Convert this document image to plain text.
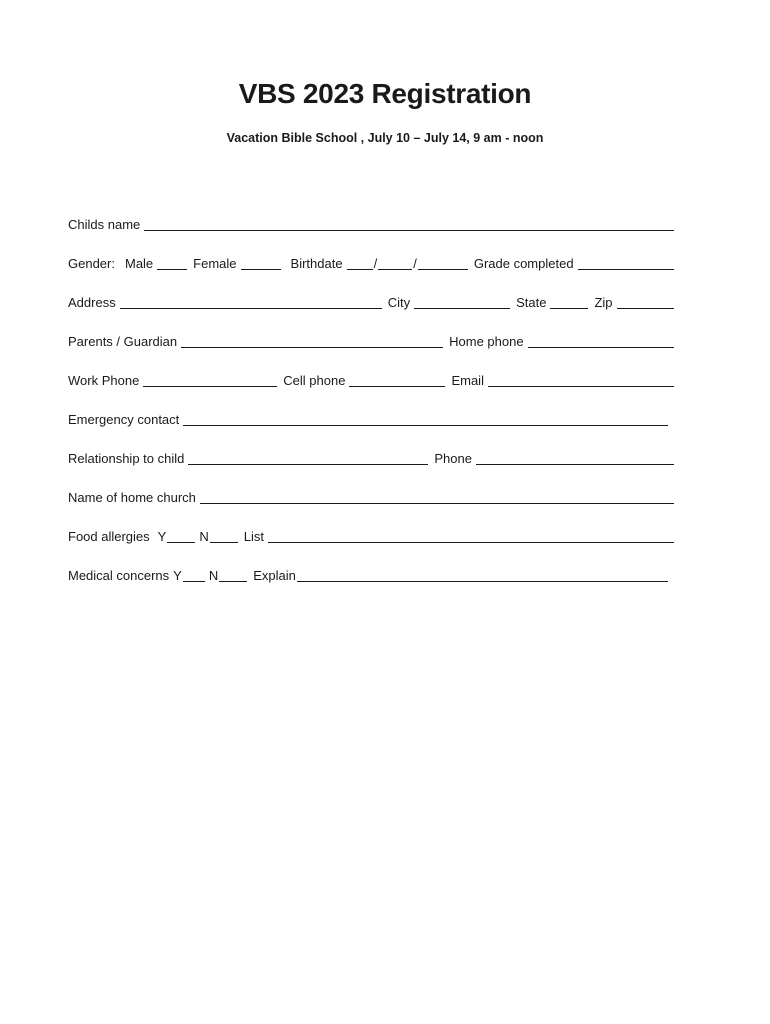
VBS 2023 Registration

Vacation Bible School , July 10 – July 14, 9 am - noon

Childs name
Gender: Male	Female	Birthdate	/	/	Grade completed
Address	City	State	Zip
Parents / Guardian	Home phone
Work Phone	Cell phone	Email
Emergency contact
Relationship to child	Phone
Name of home church
Food allergies Y	N	List
Medical concerns Y	N	Explain
